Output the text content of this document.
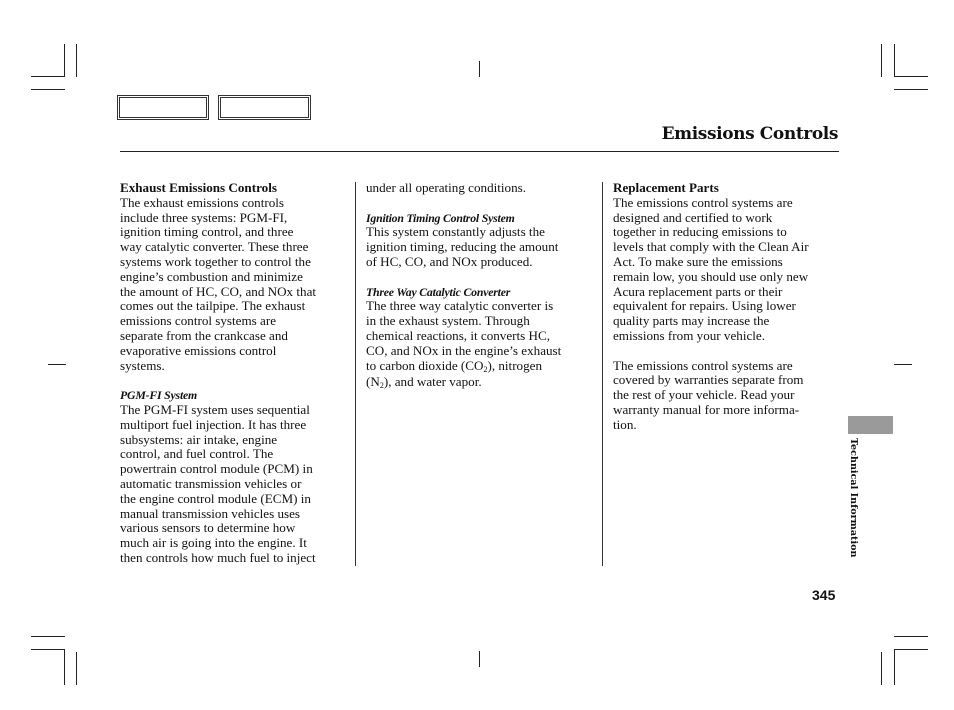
Emissions Controls

Exhaust Emissions Controls

The exhaust emissions controls

include three systems: PGM-FI,

ignition timing control, and three

way catalytic converter. These three

systems work together to control the

engine’s combustion and minimize

the amount of HC, CO, and NOx that

comes out the tailpipe. The exhaust

emissions control systems are

separate from the crankcase and

evaporative emissions control

systems.

PGM-FI System

The PGM-FI system uses sequential

multiport fuel injection. It has three

subsystems: air intake, engine

control, and fuel control. The

powertrain control module (PCM) in

automatic transmission vehicles or

the engine control module (ECM) in

manual transmission vehicles uses

various sensors to determine how

much air is going into the engine. It

then controls how much fuel to inject

under all operating conditions.

Ignition Timing Control System

This system constantly adjusts the

ignition timing, reducing the amount

of HC, CO, and NOx produced.

Three Way Catalytic Converter

The three way catalytic converter is

in the exhaust system. Through

chemical reactions, it converts HC,

CO, and NOx in the engine’s exhaust

to carbon dioxide $(CO_2)$, nitrogen

$(N_2)$, and water vapor.

Replacement Parts

The emissions control systems are

designed and certified to work

together in reducing emissions to

levels that comply with the Clean Air

Act. To make sure the emissions

remain low, you should use only new

Acura replacement parts or their

equivalent for repairs. Using lower

quality parts may increase the

emissions from your vehicle.

The emissions control systems are

covered by warranties separate from

the rest of your vehicle. Read your

warranty manual for more informa-

tion.

Technical Information
345
